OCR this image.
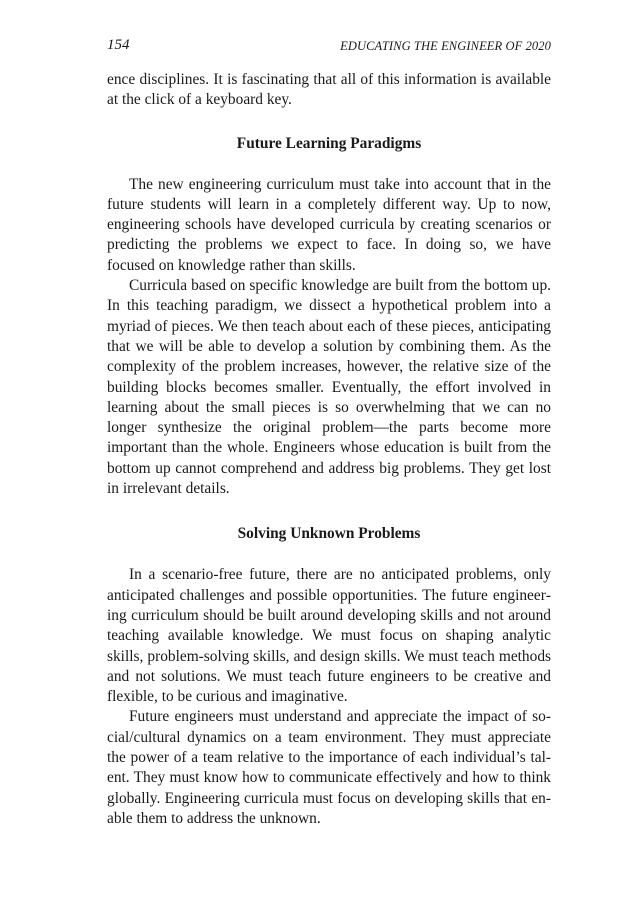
154	EDUCATING THE ENGINEER OF 2020

ence disciplines. It is fascinating that all of this information is available at the click of a keyboard key.

Future Learning Paradigms

The new engineering curriculum must take into account that in the future students will learn in a completely different way. Up to now, engineering schools have developed curricula by creating scenarios or predicting the problems we expect to face. In doing so, we have focused on knowledge rather than skills.

Curricula based on specific knowledge are built from the bottom up. In this teaching paradigm, we dissect a hypothetical problem into a myriad of pieces. We then teach about each of these pieces, anticipating that we will be able to develop a solution by combining them. As the complexity of the problem increases, however, the relative size of the building blocks becomes smaller. Eventually, the effort involved in learning about the small pieces is so overwhelming that we can no longer synthesize the original problem—the parts become more important than the whole. Engineers whose education is built from the bottom up cannot comprehend and address big problems. They get lost in irrelevant details.

Solving Unknown Problems

In a scenario-free future, there are no anticipated problems, only anticipated challenges and possible opportunities. The future engineering curriculum should be built around developing skills and not around teaching available knowledge. We must focus on shaping analytic skills, problem-solving skills, and design skills. We must teach methods and not solutions. We must teach future engineers to be creative and flexible, to be curious and imaginative.

Future engineers must understand and appreciate the impact of social/cultural dynamics on a team environment. They must appreciate the power of a team relative to the importance of each individual’s talent. They must know how to communicate effectively and how to think globally. Engineering curricula must focus on developing skills that enable them to address the unknown.
